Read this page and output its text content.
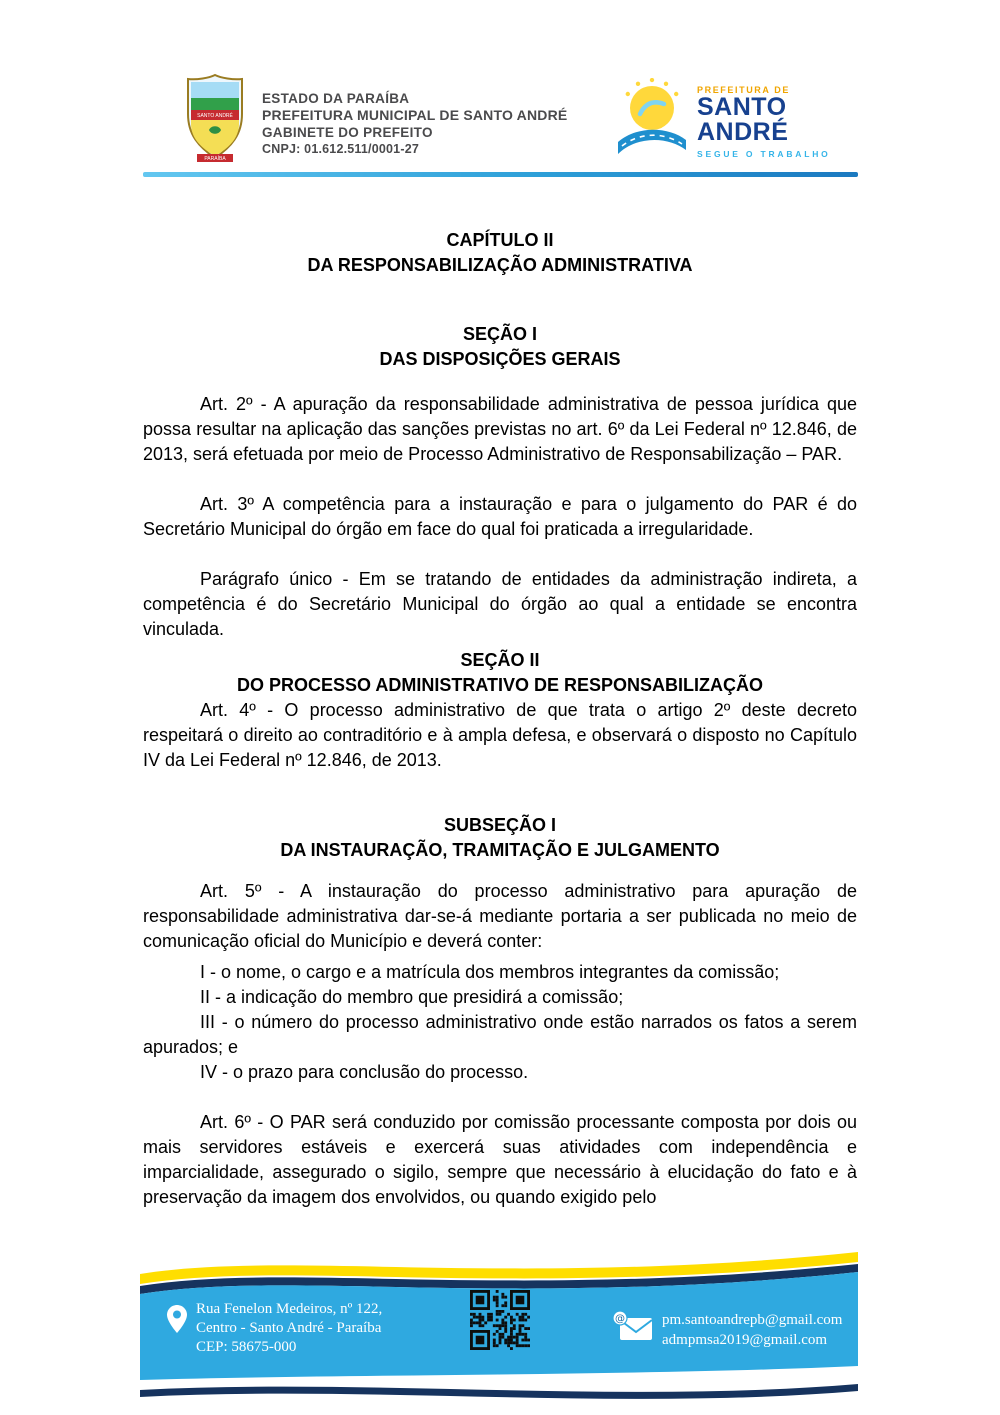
SANTO ANDRÉ
PARAÍBA
ESTADO DA PARAÍBA
PREFEITURA MUNICIPAL DE SANTO ANDRÉ
GABINETE DO PREFEITO
CNPJ: 01.612.511/0001-27
PREFEITURA DE
SANTO
ANDRÉ
SEGUE O TRABALHO
CAPÍTULO II
DA RESPONSABILIZAÇÃO ADMINISTRATIVA
SEÇÃO I
DAS DISPOSIÇÕES GERAIS

Art. 2º - A apuração da responsabilidade administrativa de pessoa jurídica que possa resultar na aplicação das sanções previstas no art. 6º da Lei Federal nº 12.846, de 2013, será efetuada por meio de Processo Administrativo de Responsabilização – PAR.

Art. 3º A competência para a instauração e para o julgamento do PAR é do Secretário Municipal do órgão em face do qual foi praticada a irregularidade.

Parágrafo único - Em se tratando de entidades da administração indireta, a competência é do Secretário Municipal do órgão ao qual a entidade se encontra vinculada.

SEÇÃO II
DO PROCESSO ADMINISTRATIVO DE RESPONSABILIZAÇÃO

Art. 4º - O processo administrativo de que trata o artigo 2º deste decreto respeitará o direito ao contraditório e à ampla defesa, e observará o disposto no Capítulo IV da Lei Federal nº 12.846, de 2013.

SUBSEÇÃO I
DA INSTAURAÇÃO, TRAMITAÇÃO E JULGAMENTO

Art. 5º - A instauração do processo administrativo para apuração de responsabilidade administrativa dar-se-á mediante portaria a ser publicada no meio de comunicação oficial do Município e deverá conter:

I - o nome, o cargo e a matrícula dos membros integrantes da comissão;

II - a indicação do membro que presidirá a comissão;

III - o número do processo administrativo onde estão narrados os fatos a serem apurados; e

IV - o prazo para conclusão do processo.

Art. 6º - O PAR será conduzido por comissão processante composta por dois ou mais servidores estáveis e exercerá suas atividades com independência e imparcialidade, assegurado o sigilo, sempre que necessário à elucidação do fato e à preservação da imagem dos envolvidos, ou quando exigido pelo

Rua Fenelon Medeiros, nº 122,
Centro - Santo André - Paraíba
CEP: 58675-000
@ pm.santoandrepb@gmail.com
admpmsa2019@gmail.com
